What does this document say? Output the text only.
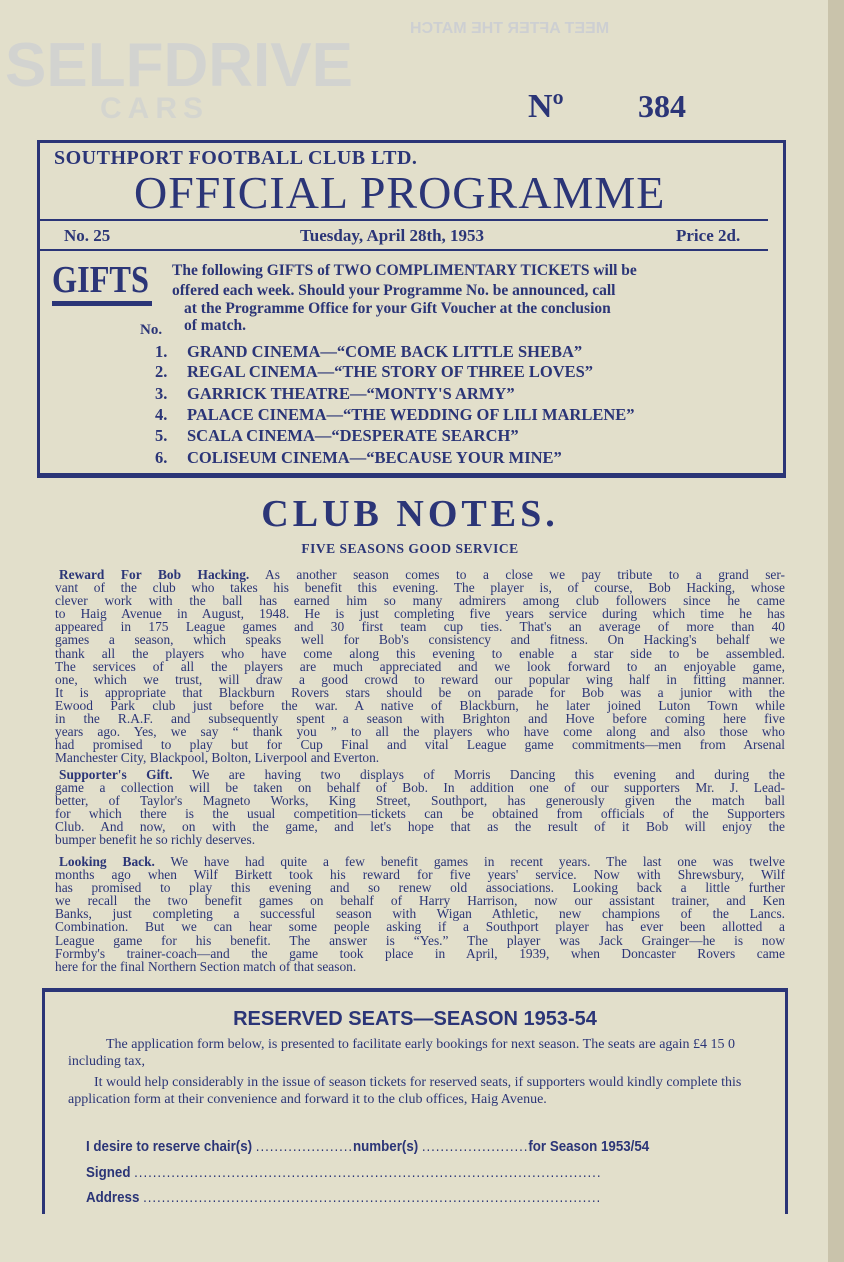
SELFDRIVE
CARS
MEET AFTER THE MATCH
Nº 384
SOUTHPORT FOOTBALL CLUB LTD.
OFFICIAL PROGRAMME
No. 25	Tuesday, April 28th, 1953	Price 2d.
GIFTS The following GIFTS of TWO COMPLIMENTARY TICKETS will be
offered each week. Should your Programme No. be announced, call
at the Programme Office for your Gift Voucher at the conclusion
of match.
No.
1. GRAND CINEMA—“COME BACK LITTLE SHEBA”
2. REGAL CINEMA—“THE STORY OF THREE LOVES”
3. GARRICK THEATRE—“MONTY'S ARMY”
4. PALACE CINEMA—“THE WEDDING OF LILI MARLENE”
5. SCALA CINEMA—“DESPERATE SEARCH”
6. COLISEUM CINEMA—“BECAUSE YOUR MINE”
CLUB NOTES.
FIVE SEASONS GOOD SERVICE
Reward For Bob Hacking. As another season comes to a close we pay tribute to a grand ser-
vant of the club who takes his benefit this evening. The player is, of course, Bob Hacking, whose
clever work with the ball has earned him so many admirers among club followers since he came
to Haig Avenue in August, 1948. He is just completing five years service during which time he has
appeared in 175 League games and 30 first team cup ties. That's an average of more than 40
games a season, which speaks well for Bob's consistency and fitness. On Hacking's behalf we
thank all the players who have come along this evening to enable a star side to be assembled.
The services of all the players are much appreciated and we look forward to an enjoyable game,
one, which we trust, will draw a good crowd to reward our popular wing half in fitting manner.
It is appropriate that Blackburn Rovers stars should be on parade for Bob was a junior with the
Ewood Park club just before the war. A native of Blackburn, he later joined Luton Town while
in the R.A.F. and subsequently spent a season with Brighton and Hove before coming here five
years ago. Yes, we say “ thank you ” to all the players who have come along and also those who
had promised to play but for Cup Final and vital League game commitments—men from Arsenal
Manchester City, Blackpool, Bolton, Liverpool and Everton.
Supporter's Gift. We are having two displays of Morris Dancing this evening and during the
game a collection will be taken on behalf of Bob. In addition one of our supporters Mr. J. Lead-
better, of Taylor's Magneto Works, King Street, Southport, has generously given the match ball
for which there is the usual competition—tickets can be obtained from officials of the Supporters
Club. And now, on with the game, and let's hope that as the result of it Bob will enjoy the
bumper benefit he so richly deserves.
Looking Back. We have had quite a few benefit games in recent years. The last one was twelve
months ago when Wilf Birkett took his reward for five years' service. Now with Shrewsbury, Wilf
has promised to play this evening and so renew old associations. Looking back a little further
we recall the two benefit games on behalf of Harry Harrison, now our assistant trainer, and Ken
Banks, just completing a successful season with Wigan Athletic, new champions of the Lancs.
Combination. But we can hear some people asking if a Southport player has ever been allotted a
League game for his benefit. The answer is “Yes.” The player was Jack Grainger—he is now
Formby's trainer-coach—and the game took place in April, 1939, when Doncaster Rovers came
here for the final Northern Section match of that season.
RESERVED SEATS—SEASON 1953-54
The application form below, is presented to facilitate early bookings for next season. The seats are again £4 15 0 including tax,
It would help considerably in the issue of season tickets for reserved seats, if supporters would kindly complete this application form at their convenience and forward it to the club offices, Haig Avenue.
I desire to reserve chair(s) .....................number(s) .......................for Season 1953/54
Signed .....................................................................................................
Address ...................................................................................................
